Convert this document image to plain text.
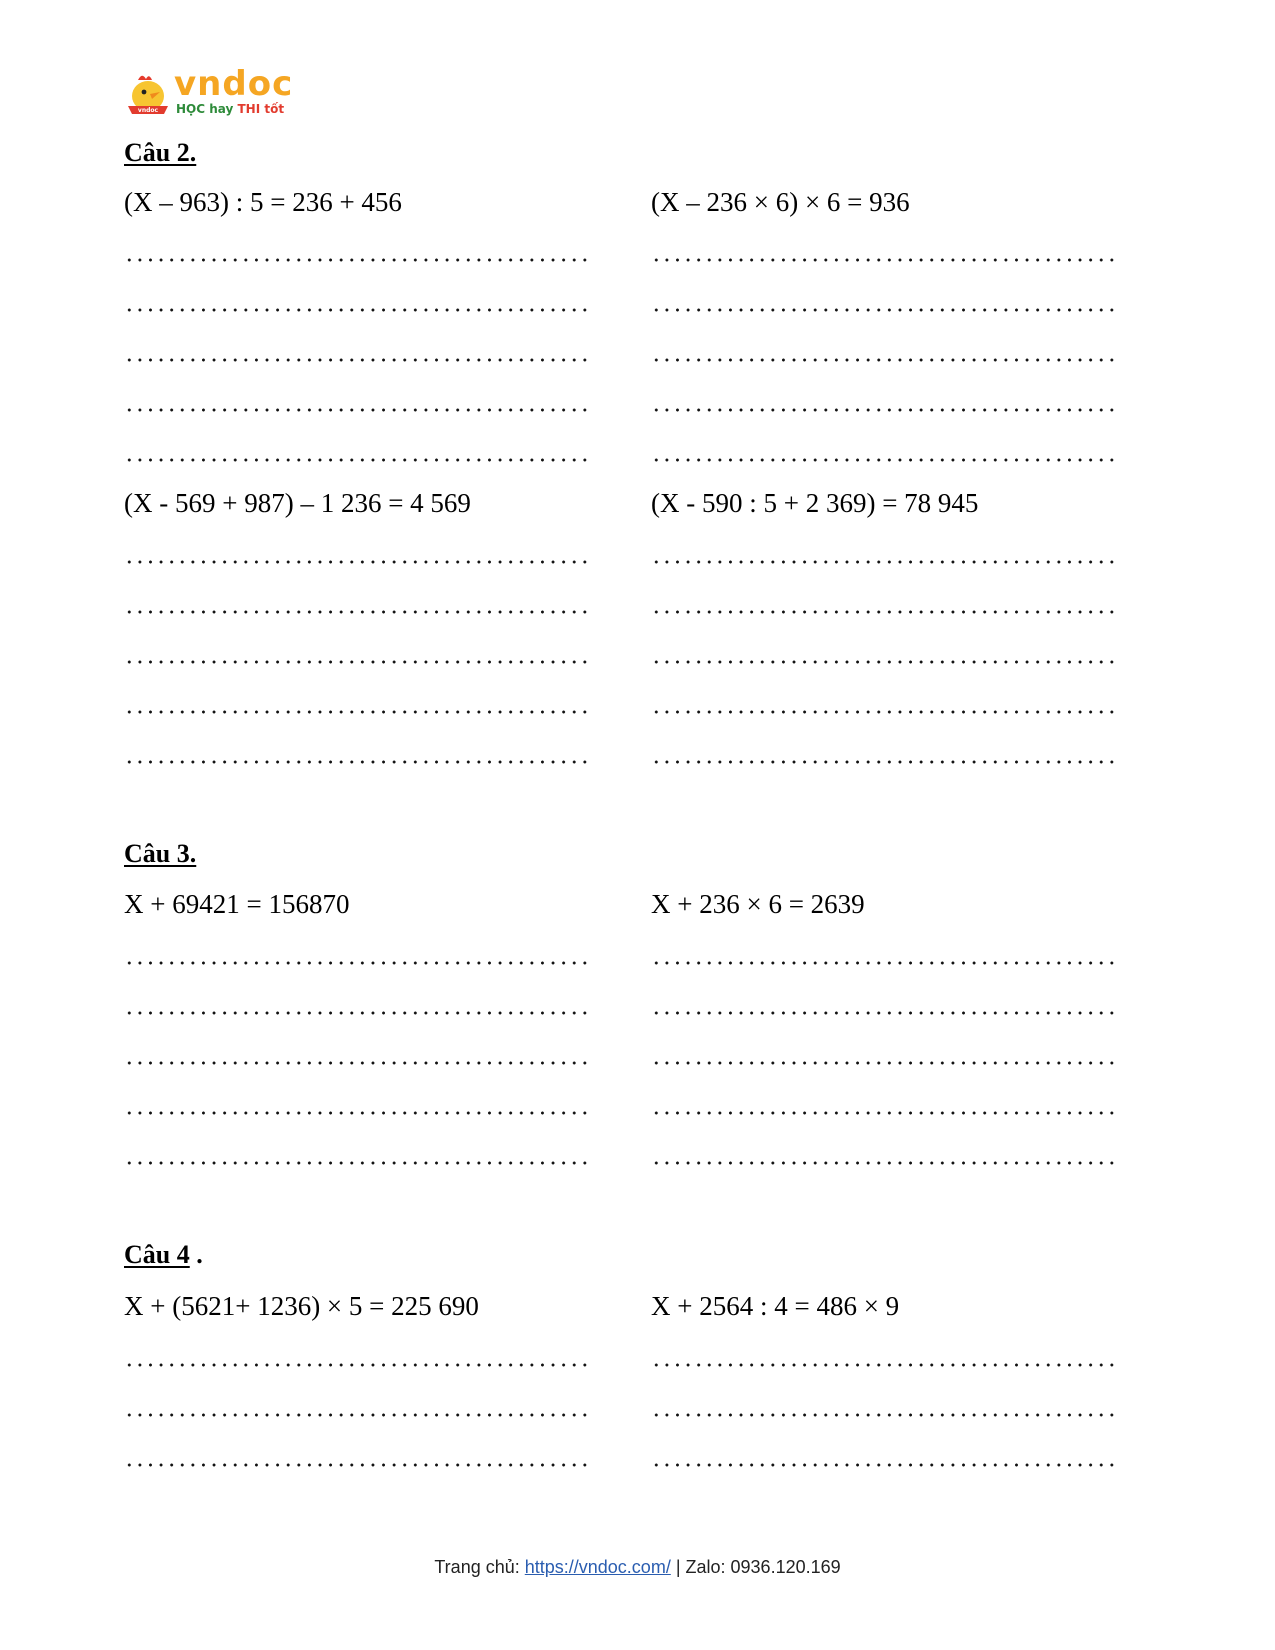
vndoc
vndoc
HỌC hay THI tốt
Câu 2.
(X – 963) : 5 = 236 + 456	(X – 236 × 6) × 6 = 936
(X - 569 + 987) – 1 236 = 4 569	(X - 590 : 5 + 2 369) = 78 945
Câu 3.
X + 69421 = 156870	X + 236 × 6 = 2639
Câu 4 .
X + (5621+ 1236) × 5 = 225 690	X + 2564 : 4 = 486 × 9
Trang chủ: https://vndoc.com/ | Zalo: 0936.120.169
